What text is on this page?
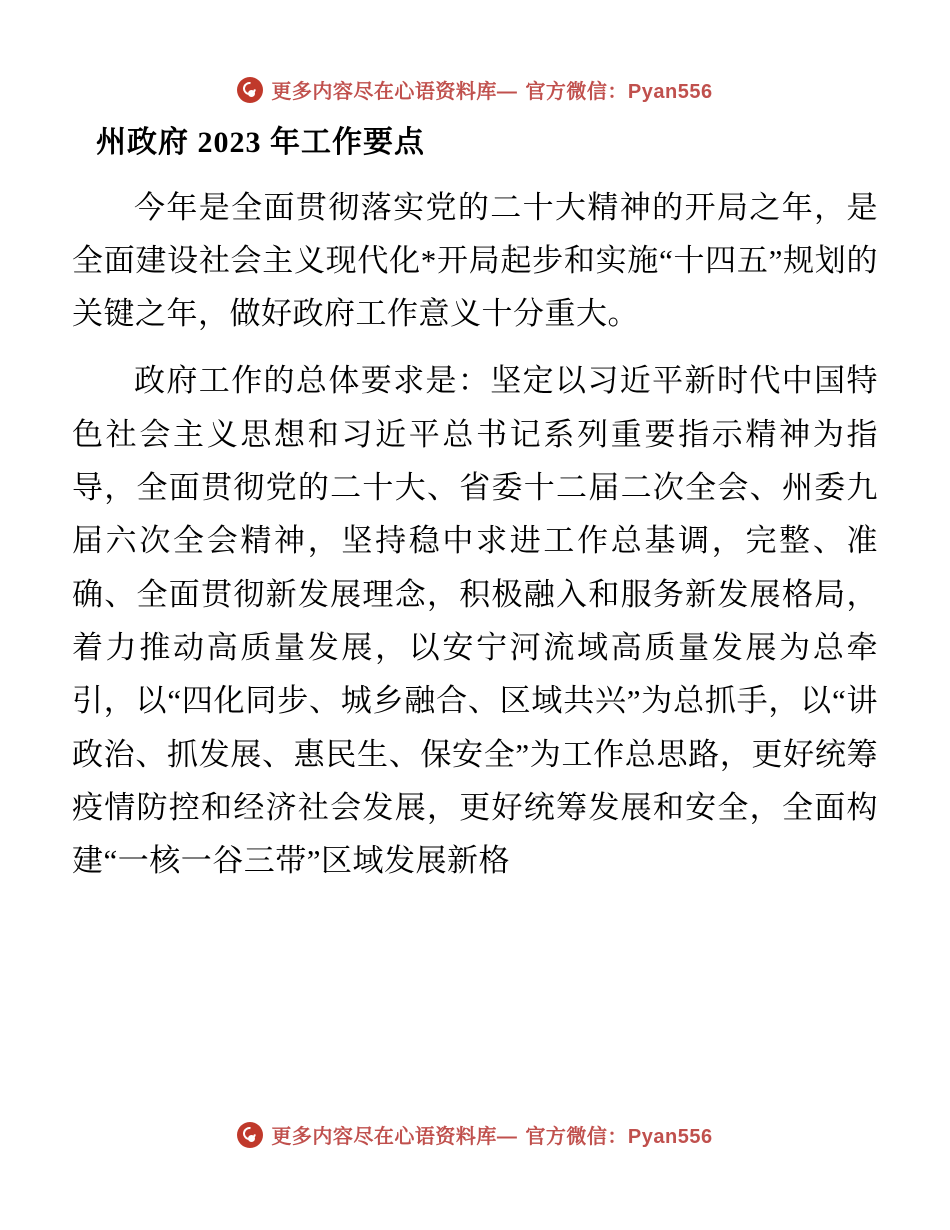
更多内容尽在心语资料库— 官方微信：Pyan556
州政府 2023 年工作要点

今年是全面贯彻落实党的二十大精神的开局之年，是全面建设社会主义现代化*开局起步和实施“十四五”规划的关键之年，做好政府工作意义十分重大。

政府工作的总体要求是：坚定以习近平新时代中国特色社会主义思想和习近平总书记系列重要指示精神为指导，全面贯彻党的二十大、省委十二届二次全会、州委九届六次全会精神，坚持稳中求进工作总基调，完整、准确、全面贯彻新发展理念，积极融入和服务新发展格局，着力推动高质量发展，以安宁河流域高质量发展为总牵引，以“四化同步、城乡融合、区域共兴”为总抓手，以“讲政治、抓发展、惠民生、保安全”为工作总思路，更好统筹疫情防控和经济社会发展，更好统筹发展和安全，全面构建“一核一谷三带”区域发展新格

更多内容尽在心语资料库— 官方微信：Pyan556
